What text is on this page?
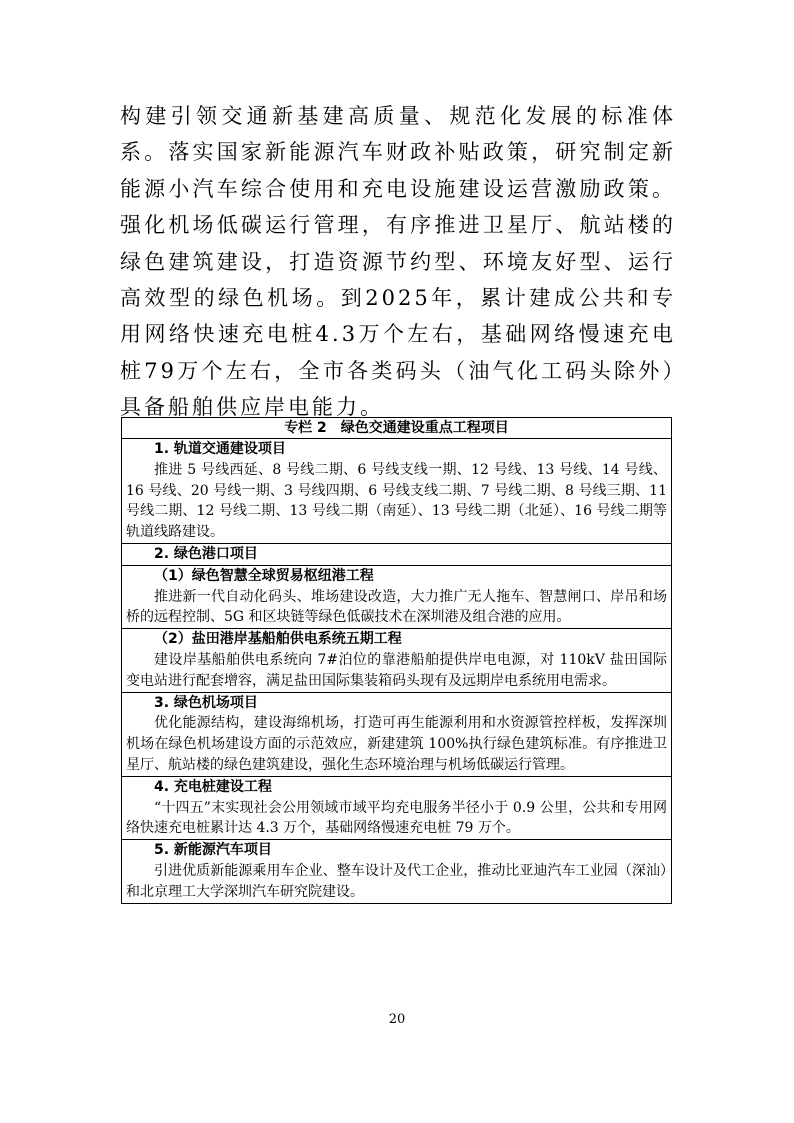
构建引领交通新基建高质量、规范化发展的标准体系。落实国家新能源汽车财政补贴政策，研究制定新能源小汽车综合使用和充电设施建设运营激励政策。强化机场低碳运行管理，有序推进卫星厅、航站楼的绿色建筑建设，打造资源节约型、环境友好型、运行高效型的绿色机场。到2025年，累计建成公共和专用网络快速充电桩4.3万个左右，基础网络慢速充电桩79万个左右，全市各类码头（油气化工码头除外）具备船舶供应岸电能力。

专栏 2　绿色交通建设重点工程项目
1. 轨道交通建设项目
推进 5 号线西延、8 号线二期、6 号线支线一期、12 号线、13 号线、14 号线、16 号线、20 号线一期、3 号线四期、6 号线支线二期、7 号线二期、8 号线三期、11 号线二期、12 号线二期、13 号线二期（南延）、13 号线二期（北延）、16 号线二期等轨道线路建设。
2. 绿色港口项目
（1）绿色智慧全球贸易枢纽港工程
推进新一代自动化码头、堆场建设改造，大力推广无人拖车、智慧闸口、岸吊和场桥的远程控制、5G 和区块链等绿色低碳技术在深圳港及组合港的应用。
（2）盐田港岸基船舶供电系统五期工程
建设岸基船舶供电系统向 7#泊位的靠港船舶提供岸电电源，对 110kV 盐田国际变电站进行配套增容，满足盐田国际集装箱码头现有及远期岸电系统用电需求。
3. 绿色机场项目
优化能源结构，建设海绵机场，打造可再生能源利用和水资源管控样板，发挥深圳机场在绿色机场建设方面的示范效应，新建建筑 100%执行绿色建筑标准。有序推进卫星厅、航站楼的绿色建筑建设，强化生态环境治理与机场低碳运行管理。
4. 充电桩建设工程
“十四五”末实现社会公用领域市域平均充电服务半径小于 0.9 公里，公共和专用网络快速充电桩累计达 4.3 万个，基础网络慢速充电桩 79 万个。
5. 新能源汽车项目
引进优质新能源乘用车企业、整车设计及代工企业，推动比亚迪汽车工业园（深汕）和北京理工大学深圳汽车研究院建设。
20
